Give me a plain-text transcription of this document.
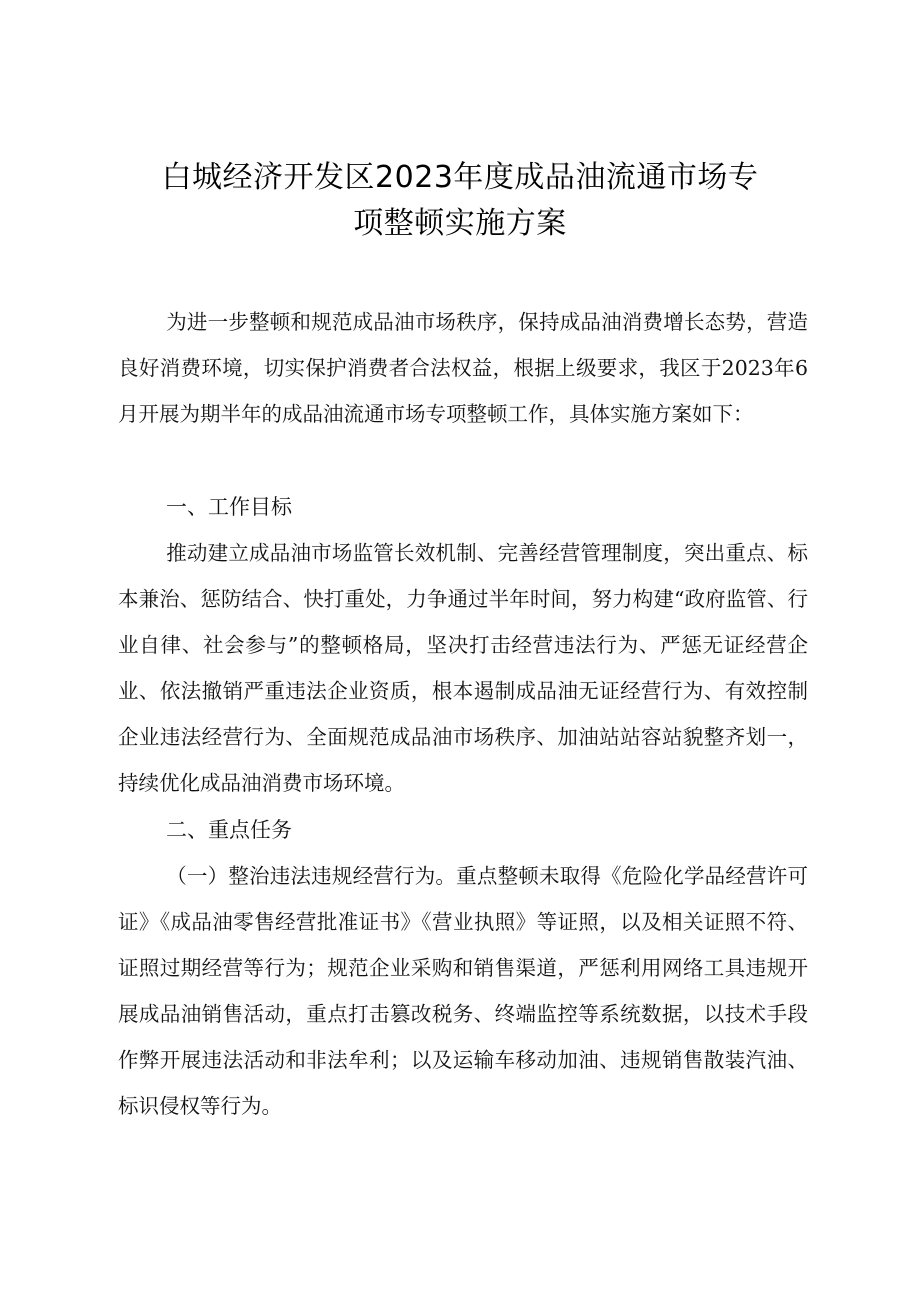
白城经济开发区2023年度成品油流通市场专
项整顿实施方案

为进一步整顿和规范成品油市场秩序，保持成品油消费增长态势，营造良好消费环境，切实保护消费者合法权益，根据上级要求，我区于2023年6月开展为期半年的成品油流通市场专项整顿工作，具体实施方案如下：

一、工作目标

推动建立成品油市场监管长效机制、完善经营管理制度，突出重点、标本兼治、惩防结合、快打重处，力争通过半年时间，努力构建“政府监管、行业自律、社会参与”的整顿格局，坚决打击经营违法行为、严惩无证经营企业、依法撤销严重违法企业资质，根本遏制成品油无证经营行为、有效控制企业违法经营行为、全面规范成品油市场秩序、加油站站容站貌整齐划一，持续优化成品油消费市场环境。

二、重点任务

（一）整治违法违规经营行为。重点整顿未取得《危险化学品经营许可证》《成品油零售经营批准证书》《营业执照》等证照，以及相关证照不符、证照过期经营等行为；规范企业采购和销售渠道，严惩利用网络工具违规开展成品油销售活动，重点打击篡改税务、终端监控等系统数据，以技术手段作弊开展违法活动和非法牟利；以及运输车移动加油、违规销售散装汽油、标识侵权等行为。
